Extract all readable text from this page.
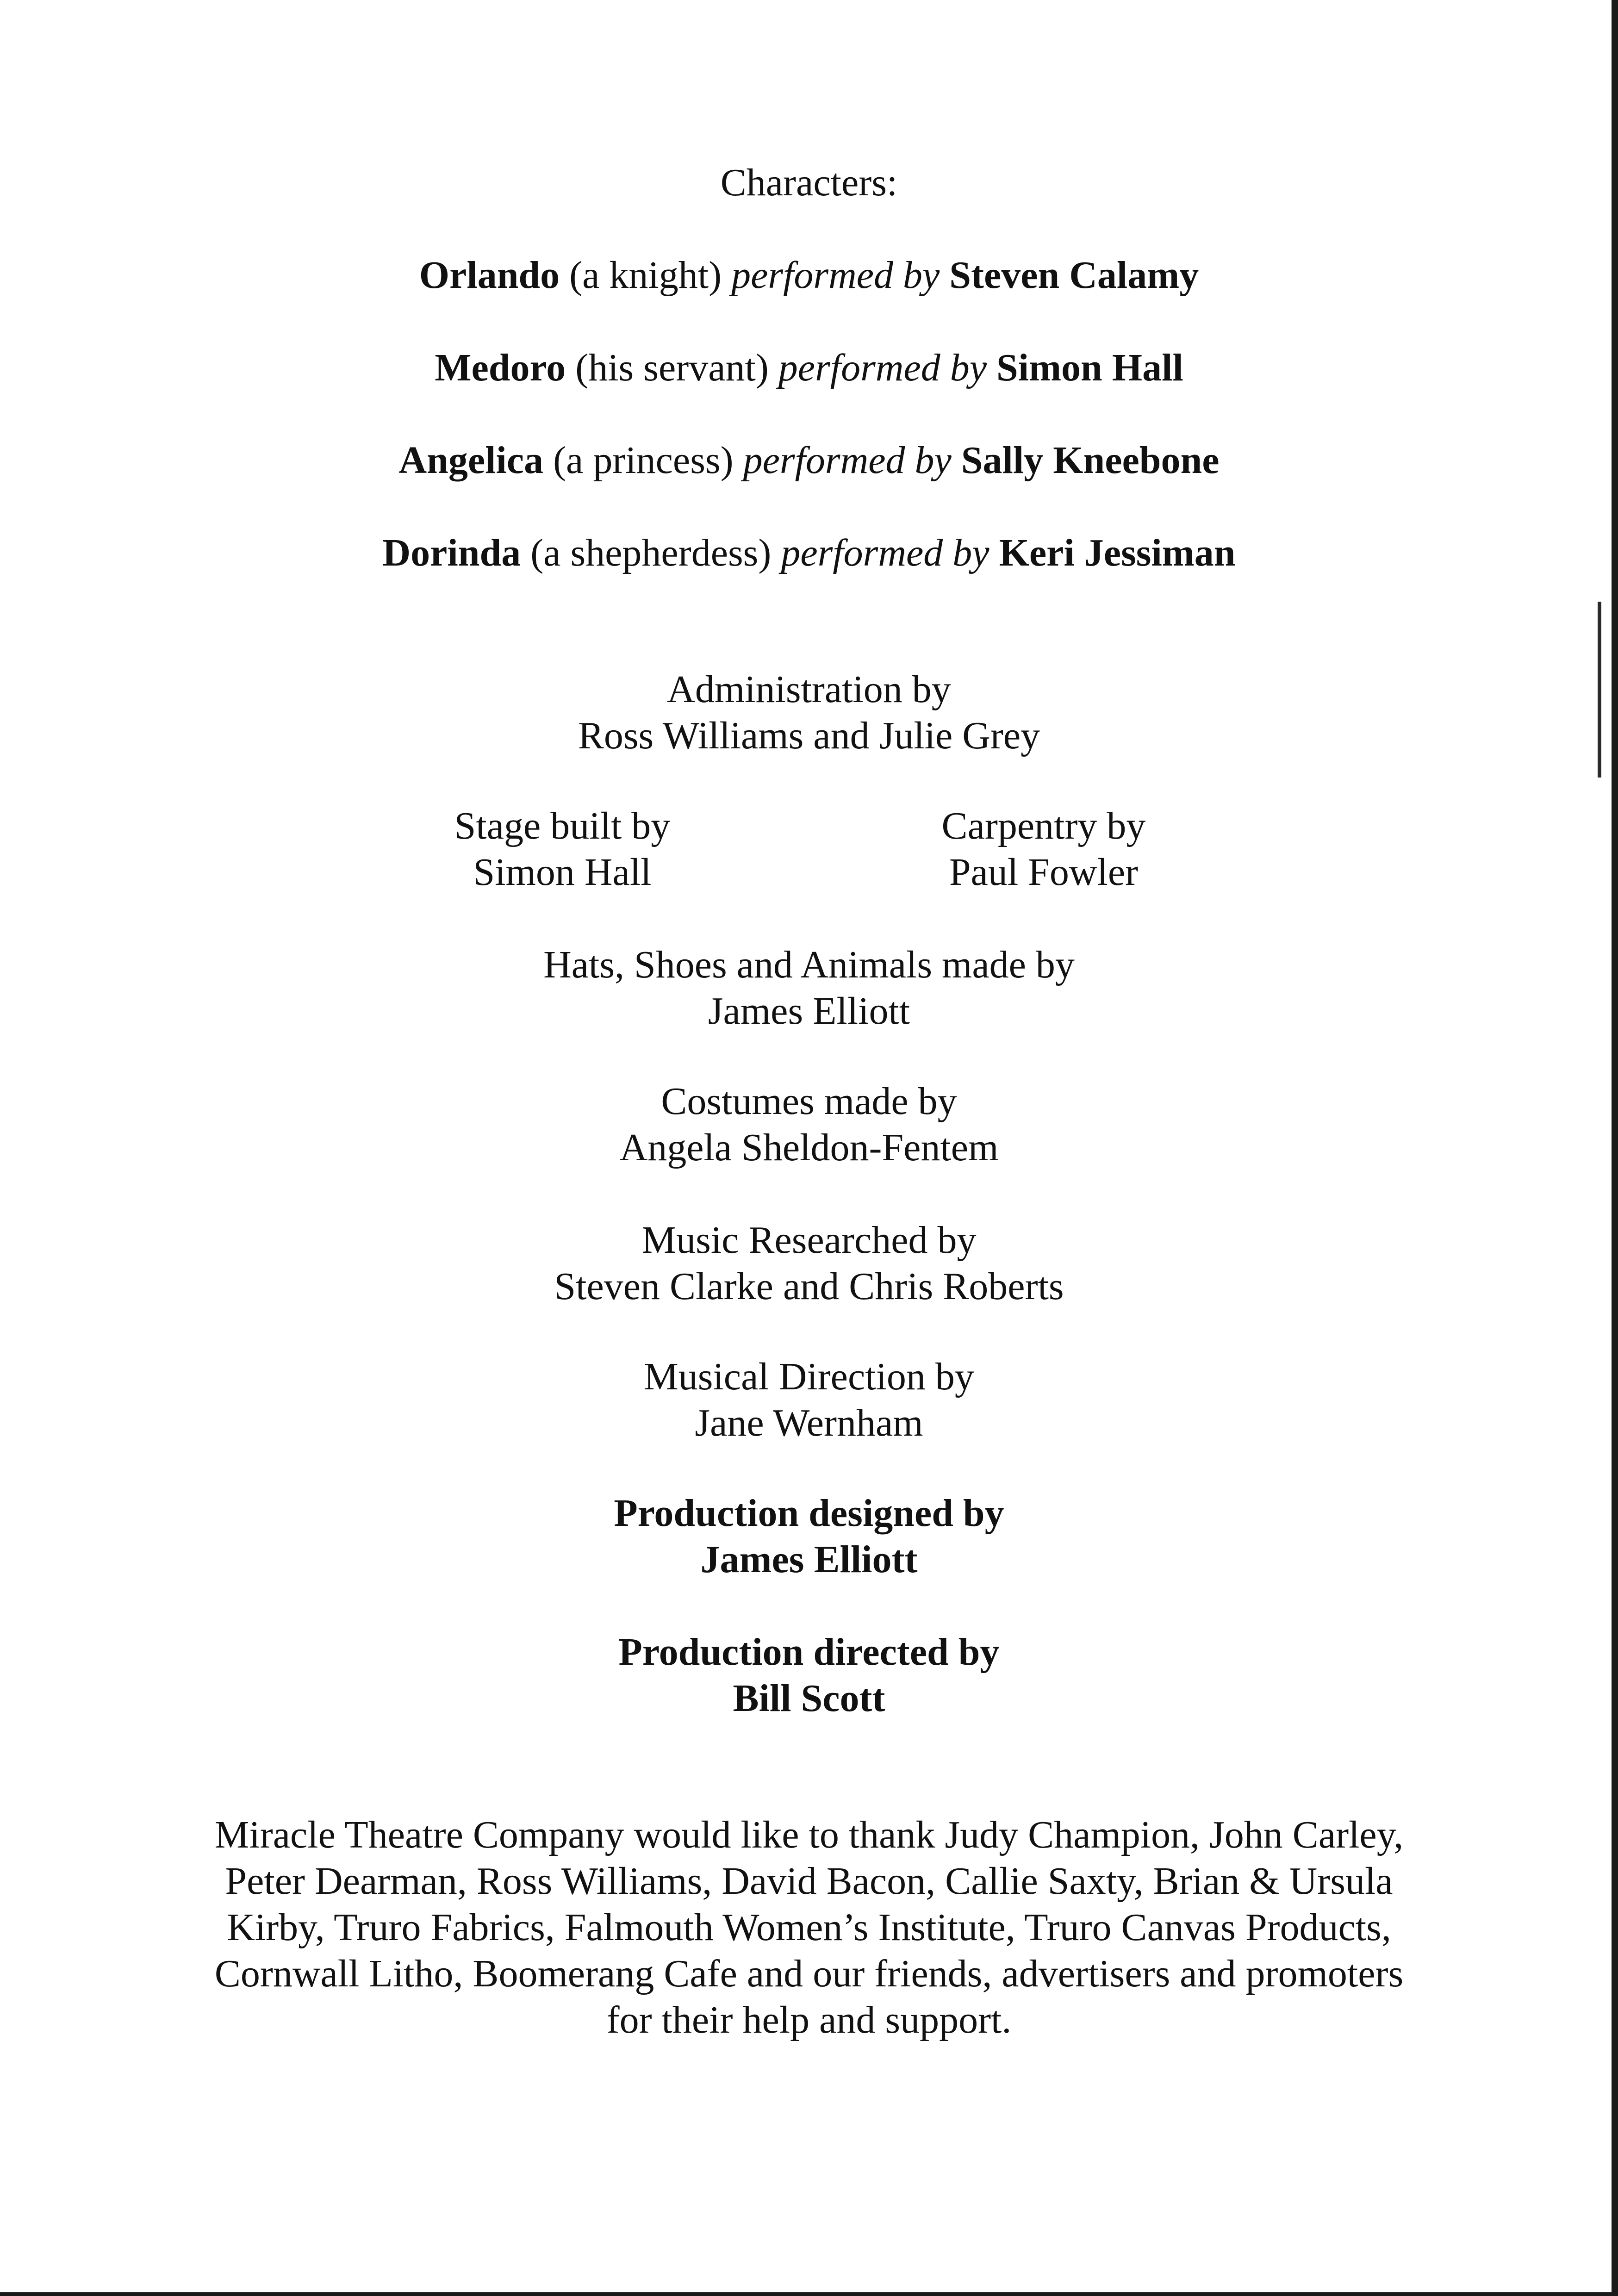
Characters:
Orlando (a knight) performed by Steven Calamy
Medoro (his servant) performed by Simon Hall
Angelica (a princess) performed by Sally Kneebone
Dorinda (a shepherdess) performed by Keri Jessiman
Administration by
Ross Williams and Julie Grey
Stage built by
Simon Hall
Carpentry by
Paul Fowler
Hats, Shoes and Animals made by
James Elliott
Costumes made by
Angela Sheldon-Fentem
Music Researched by
Steven Clarke and Chris Roberts
Musical Direction by
Jane Wernham
Production designed by
James Elliott
Production directed by
Bill Scott
Miracle Theatre Company would like to thank Judy Champion, John Carley,
Peter Dearman, Ross Williams, David Bacon, Callie Saxty, Brian & Ursula
Kirby, Truro Fabrics, Falmouth Women’s Institute, Truro Canvas Products,
Cornwall Litho, Boomerang Cafe and our friends, advertisers and promoters
for their help and support.
